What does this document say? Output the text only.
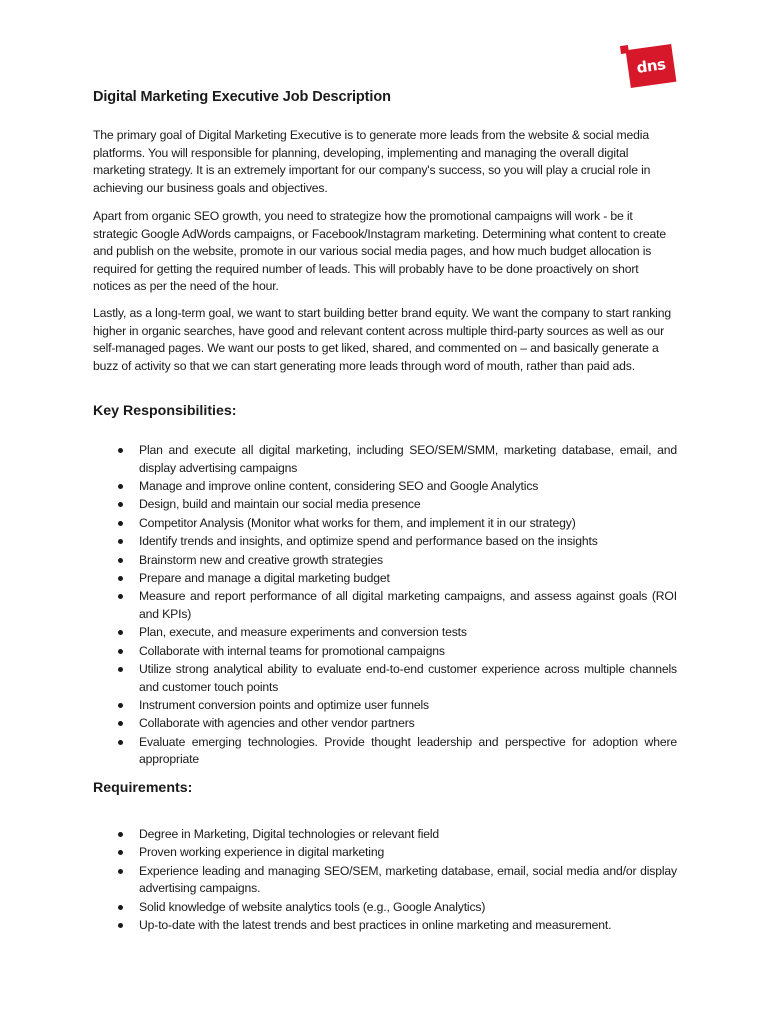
dns
Digital Marketing Executive Job Description

The primary goal of Digital Marketing Executive is to generate more leads from the website & social media platforms. You will responsible for planning, developing, implementing and managing the overall digital marketing strategy. It is an extremely important for our company's success, so you will play a crucial role in achieving our business goals and objectives.

Apart from organic SEO growth, you need to strategize how the promotional campaigns will work - be it strategic Google AdWords campaigns, or Facebook/Instagram marketing. Determining what content to create and publish on the website, promote in our various social media pages, and how much budget allocation is required for getting the required number of leads. This will probably have to be done proactively on short notices as per the need of the hour.

Lastly, as a long-term goal, we want to start building better brand equity. We want the company to start ranking higher in organic searches, have good and relevant content across multiple third-party sources as well as our self-managed pages. We want our posts to get liked, shared, and commented on – and basically generate a buzz of activity so that we can start generating more leads through word of mouth, rather than paid ads.

Key Responsibilities:
Plan and execute all digital marketing, including SEO/SEM/SMM, marketing database, email, and display advertising campaigns
Manage and improve online content, considering SEO and Google Analytics
Design, build and maintain our social media presence
Competitor Analysis (Monitor what works for them, and implement it in our strategy)
Identify trends and insights, and optimize spend and performance based on the insights
Brainstorm new and creative growth strategies
Prepare and manage a digital marketing budget
Measure and report performance of all digital marketing campaigns, and assess against goals (ROI and KPIs)
Plan, execute, and measure experiments and conversion tests
Collaborate with internal teams for promotional campaigns
Utilize strong analytical ability to evaluate end-to-end customer experience across multiple channels and customer touch points
Instrument conversion points and optimize user funnels
Collaborate with agencies and other vendor partners
Evaluate emerging technologies. Provide thought leadership and perspective for adoption where appropriate
Requirements:
Degree in Marketing, Digital technologies or relevant field
Proven working experience in digital marketing
Experience leading and managing SEO/SEM, marketing database, email, social media and/or display advertising campaigns.
Solid knowledge of website analytics tools (e.g., Google Analytics)
Up-to-date with the latest trends and best practices in online marketing and measurement.
